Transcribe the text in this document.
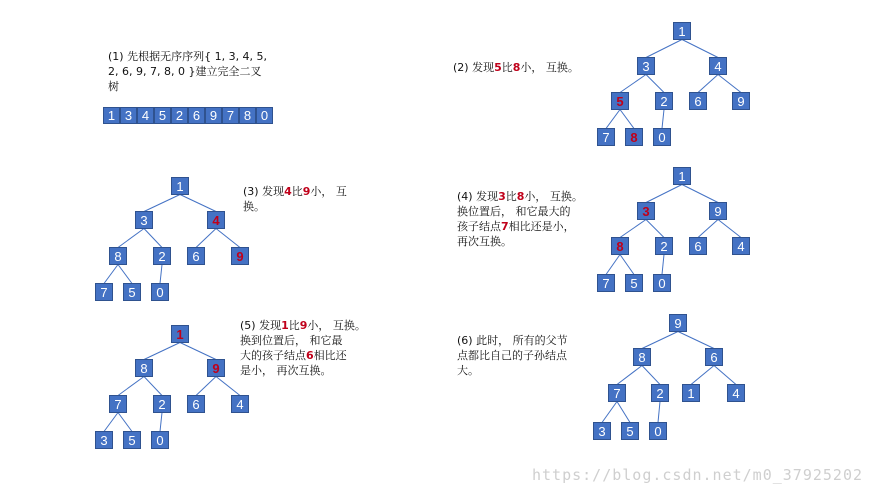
(1) 先根据无序序列{ 1, 3, 4, 5,
2, 6, 9, 7, 8, 0 }建立完全二叉
树
1 3 4 5 2 6 9 7 8 0
(2) 发现5比8小， 互换。
(3) 发现4比9小， 互
换。
(4) 发现3比8小， 互换。
换位置后， 和它最大的
孩子结点7相比还是小，
再次互换。
(5) 发现1比9小， 互换。
换到位置后， 和它最
大的孩子结点6相比还
是小， 再次互换。
(6) 此时， 所有的父节
点都比自己的子孙结点
大。
1
3	4
5	2 6	9
7 8 0
1
3	4
8	2 6	9
7 5 0
1
3	9
8	2 6	4
7 5 0
1
8	9
7	2 6	4
3 5 0
9
8	6
7	2 1	4
3 5 0
https://blog.csdn.net/m0_37925202
